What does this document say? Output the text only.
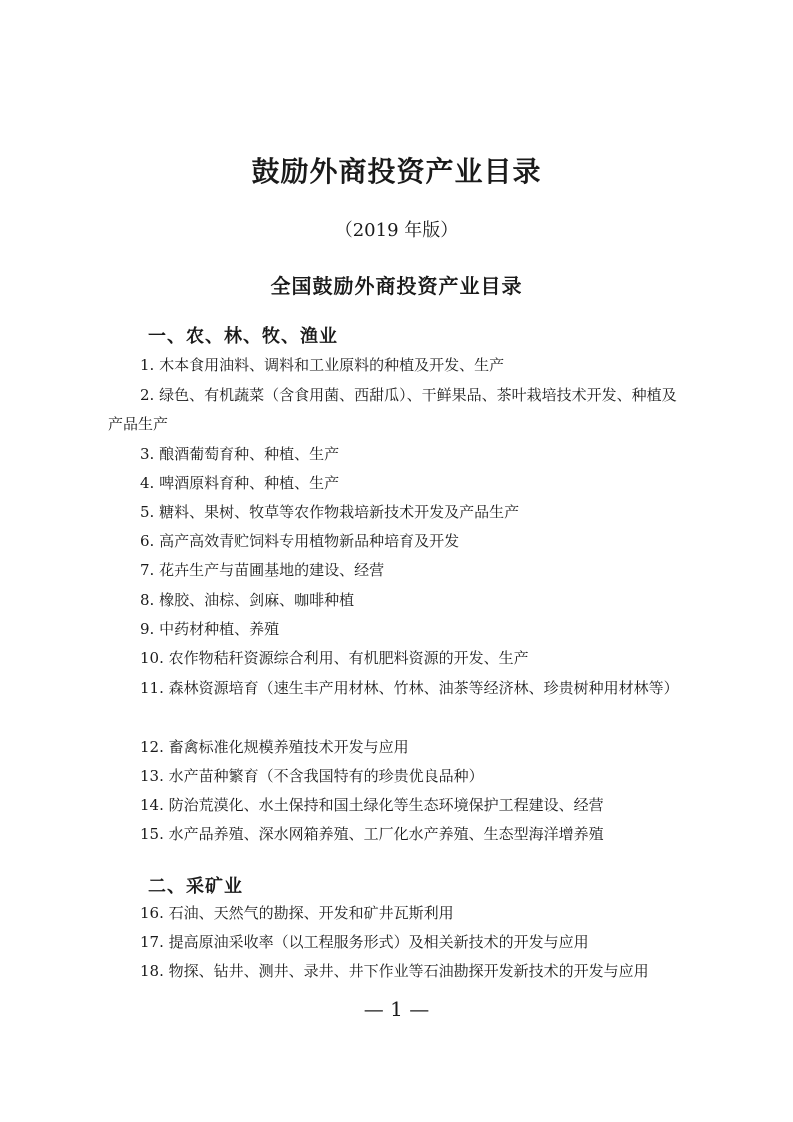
鼓励外商投资产业目录
（2019 年版）
全国鼓励外商投资产业目录
一、农、林、牧、渔业
1. 木本食用油料、调料和工业原料的种植及开发、生产
2. 绿色、有机蔬菜（含食用菌、西甜瓜）、干鲜果品、茶叶栽培技术开发、种植及产品生产
3. 酿酒葡萄育种、种植、生产
4. 啤酒原料育种、种植、生产
5. 糖料、果树、牧草等农作物栽培新技术开发及产品生产
6. 高产高效青贮饲料专用植物新品种培育及开发
7. 花卉生产与苗圃基地的建设、经营
8. 橡胶、油棕、剑麻、咖啡种植
9. 中药材种植、养殖
10. 农作物秸秆资源综合利用、有机肥料资源的开发、生产
11. 森林资源培育（速生丰产用材林、竹林、油茶等经济林、珍贵树种用材林等）
12. 畜禽标准化规模养殖技术开发与应用
13. 水产苗种繁育（不含我国特有的珍贵优良品种）
14. 防治荒漠化、水土保持和国土绿化等生态环境保护工程建设、经营
15. 水产品养殖、深水网箱养殖、工厂化水产养殖、生态型海洋增养殖
二、采矿业
16. 石油、天然气的勘探、开发和矿井瓦斯利用
17. 提高原油采收率（以工程服务形式）及相关新技术的开发与应用
18. 物探、钻井、测井、录井、井下作业等石油勘探开发新技术的开发与应用
— 1 —
